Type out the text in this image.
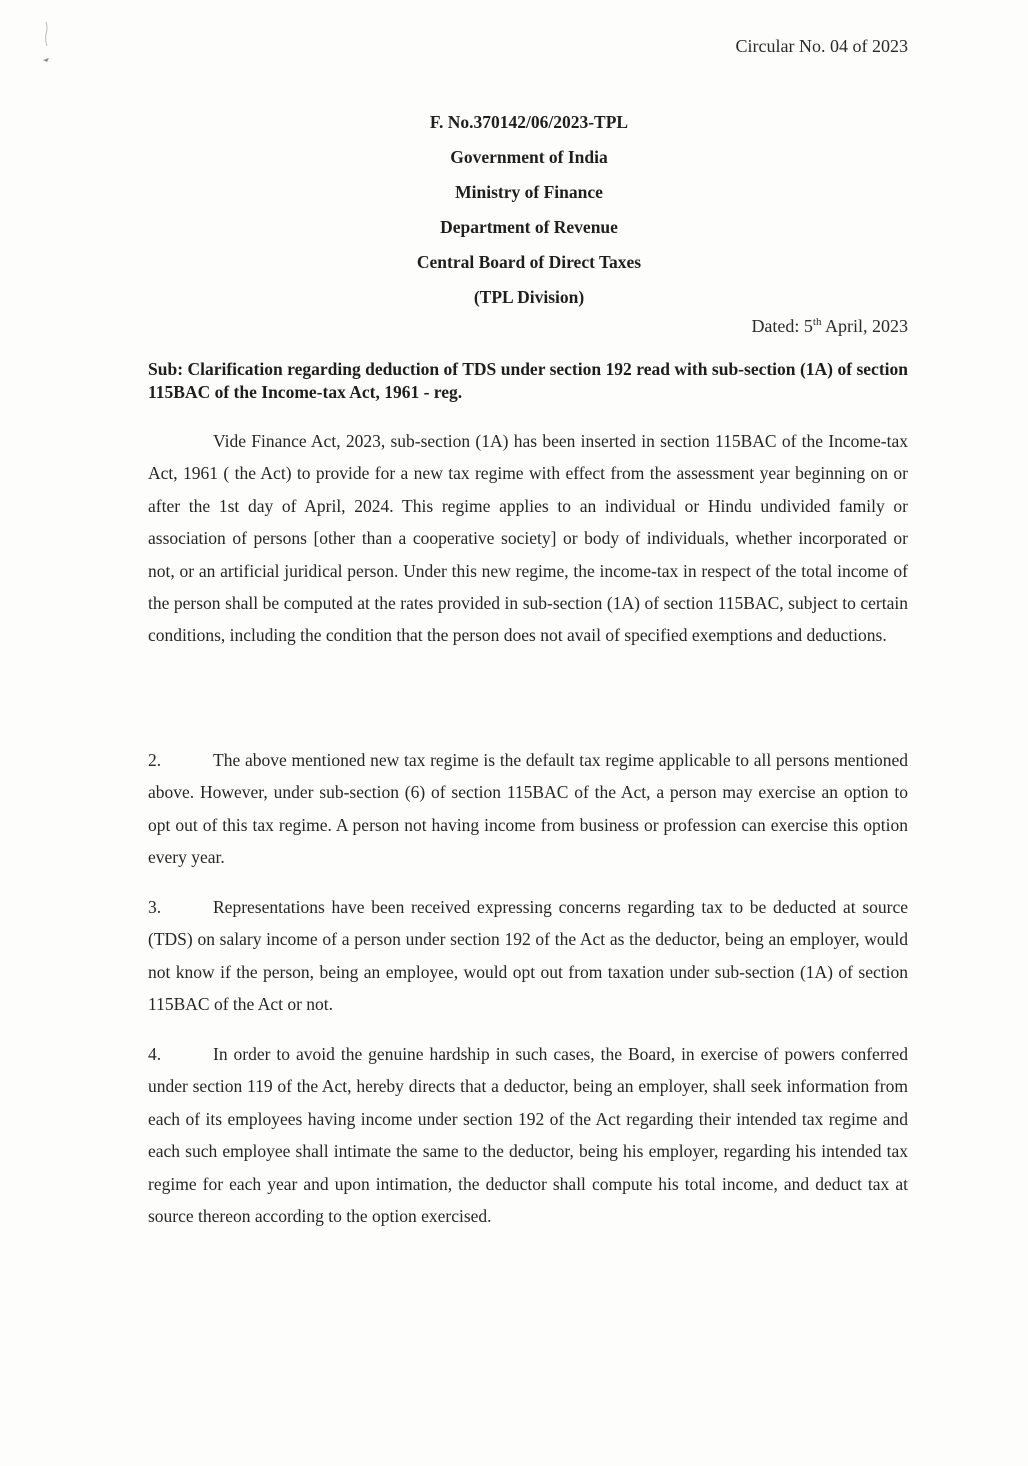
Circular No. 04 of 2023
F. No.370142/06/2023-TPL
Government of India
Ministry of Finance
Department of Revenue
Central Board of Direct Taxes
(TPL Division)
Dated: 5th April, 2023
Sub: Clarification regarding deduction of TDS under section 192 read with sub-section (1A) of section 115BAC of the Income-tax Act, 1961 - reg.
Vide Finance Act, 2023, sub-section (1A) has been inserted in section 115BAC of the Income-tax Act, 1961 ( the Act) to provide for a new tax regime with effect from the assessment year beginning on or after the 1st day of April, 2024. This regime applies to an individual or Hindu undivided family or association of persons [other than a cooperative society] or body of individuals, whether incorporated or not, or an artificial juridical person. Under this new regime, the income-tax in respect of the total income of the person shall be computed at the rates provided in sub-section (1A) of section 115BAC, subject to certain conditions, including the condition that the person does not avail of specified exemptions and deductions.
2.	The above mentioned new tax regime is the default tax regime applicable to all persons mentioned above. However, under sub-section (6) of section 115BAC of the Act, a person may exercise an option to opt out of this tax regime. A person not having income from business or profession can exercise this option every year.
3.	Representations have been received expressing concerns regarding tax to be deducted at source (TDS) on salary income of a person under section 192 of the Act as the deductor, being an employer, would not know if the person, being an employee, would opt out from taxation under sub-section (1A) of section 115BAC of the Act or not.
4.	In order to avoid the genuine hardship in such cases, the Board, in exercise of powers conferred under section 119 of the Act, hereby directs that a deductor, being an employer, shall seek information from each of its employees having income under section 192 of the Act regarding their intended tax regime and each such employee shall intimate the same to the deductor, being his employer, regarding his intended tax regime for each year and upon intimation, the deductor shall compute his total income, and deduct tax at source thereon according to the option exercised.
